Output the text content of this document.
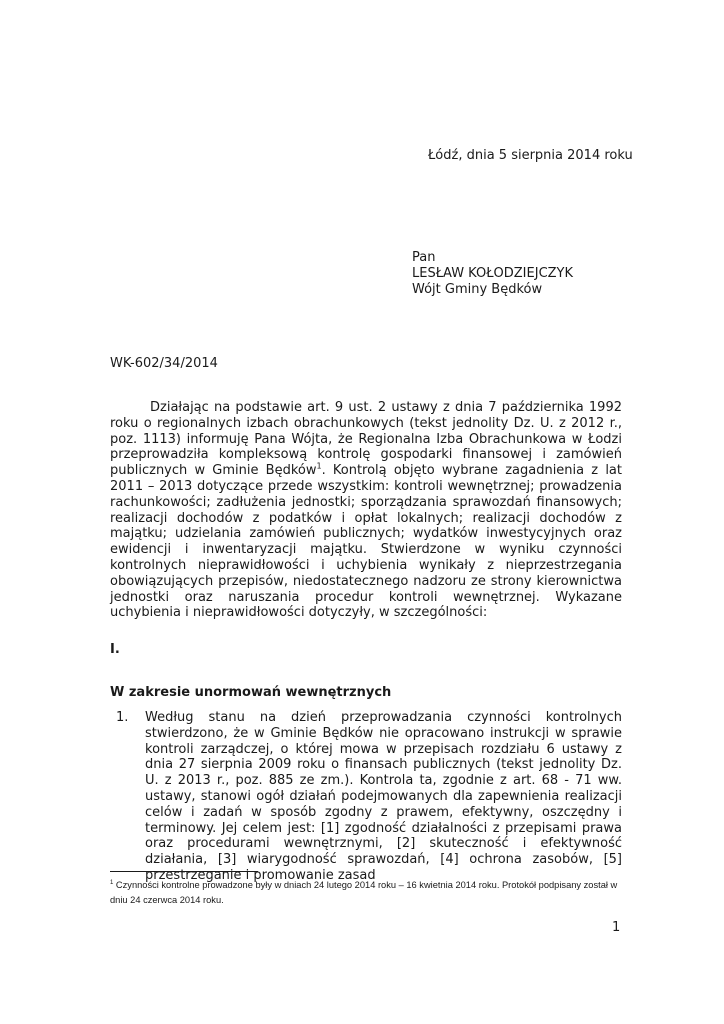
Łódź, dnia 5 sierpnia 2014 roku
Pan
LESŁAW KOŁODZIEJCZYK
Wójt Gminy Będków
WK-602/34/2014

Działając na podstawie art. 9 ust. 2 ustawy z dnia 7 października 1992 roku o regionalnych izbach obrachunkowych (tekst jednolity Dz. U. z 2012 r., poz. 1113) informuję Pana Wójta, że Regionalna Izba Obrachunkowa w Łodzi przeprowadziła kompleksową kontrolę gospodarki finansowej i zamówień publicznych w Gminie Będków$^1$. Kontrolą objęto wybrane zagadnienia z lat 2011 – 2013 dotyczące przede wszystkim: kontroli wewnętrznej; prowadzenia rachunkowości; zadłużenia jednostki; sporządzania sprawozdań finansowych; realizacji dochodów z podatków i opłat lokalnych; realizacji dochodów z majątku; udzielania zamówień publicznych; wydatków inwestycyjnych oraz ewidencji i inwentaryzacji majątku. Stwierdzone w wyniku czynności kontrolnych nieprawidłowości i uchybienia wynikały z nieprzestrzegania obowiązujących przepisów, niedostatecznego nadzoru ze strony kierownictwa jednostki oraz naruszania procedur kontroli wewnętrznej. Wykazane uchybienia i nieprawidłowości dotyczyły, w szczególności:

I.
W zakresie unormowań wewnętrznych
1. Według stanu na dzień przeprowadzania czynności kontrolnych stwierdzono, że w Gminie Będków nie opracowano instrukcji w sprawie kontroli zarządczej, o której mowa w przepisach rozdziału 6 ustawy z dnia 27 sierpnia 2009 roku o finansach publicznych (tekst jednolity Dz. U. z 2013 r., poz. 885 ze zm.). Kontrola ta, zgodnie z art. 68 - 71 ww. ustawy, stanowi ogół działań podejmowanych dla zapewnienia realizacji celów i zadań w sposób zgodny z prawem, efektywny, oszczędny i terminowy. Jej celem jest: [1] zgodność działalności z przepisami prawa oraz procedurami wewnętrznymi, [2] skuteczność i efektywność działania, [3] wiarygodność sprawozdań, [4] ochrona zasobów, [5] przestrzeganie i promowanie zasad

$^1$ Czynności kontrolne prowadzone były w dniach 24 lutego 2014 roku – 16 kwietnia 2014 roku. Protokół podpisany został w dniu 24 czerwca 2014 roku.

1
